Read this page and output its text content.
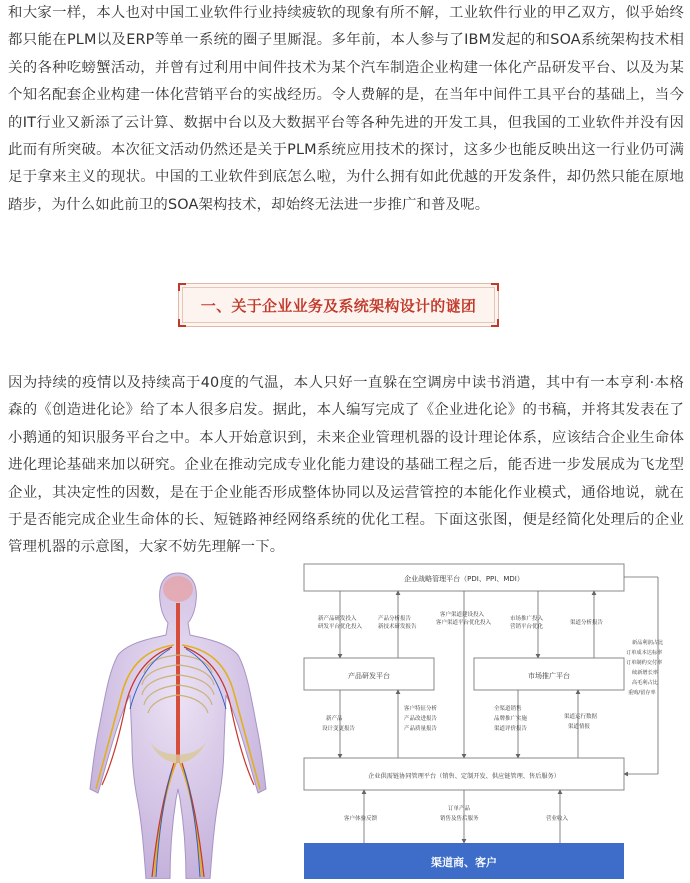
和大家一样，本人也对中国工业软件行业持续疲软的现象有所不解，工业软件行业的甲乙双方，似乎始终都只能在PLM以及ERP等单一系统的圈子里厮混。多年前，本人参与了IBM发起的和SOA系统架构技术相关的各种吃螃蟹活动，并曾有过利用中间件技术为某个汽车制造企业构建一体化产品研发平台、以及为某个知名配套企业构建一体化营销平台的实战经历。令人费解的是，在当年中间件工具平台的基础上，当今的IT行业又新添了云计算、数据中台以及大数据平台等各种先进的开发工具，但我国的工业软件并没有因此而有所突破。本次征文活动仍然还是关于PLM系统应用技术的探讨，这多少也能反映出这一行业仍可满足于拿来主义的现状。中国的工业软件到底怎么啦，为什么拥有如此优越的开发条件，却仍然只能在原地踏步，为什么如此前卫的SOA架构技术，却始终无法进一步推广和普及呢。

一、关于企业业务及系统架构设计的谜团

因为持续的疫情以及持续高于40度的气温，本人只好一直躲在空调房中读书消遣，其中有一本亨利·本格森的《创造进化论》给了本人很多启发。据此，本人编写完成了《企业进化论》的书稿，并将其发表在了小鹅通的知识服务平台之中。本人开始意识到，未来企业管理机器的设计理论体系，应该结合企业生命体进化理论基础来加以研究。企业在推动完成专业化能力建设的基础工程之后，能否进一步发展成为飞龙型企业，其决定性的因数，是在于企业能否形成整体协同以及运营管控的本能化作业模式，通俗地说，就在于是否能完成企业生命体的长、短链路神经网络系统的优化工程。下面这张图，便是经简化处理后的企业管理机器的示意图，大家不妨先理解一下。

企业战略管理平台（PDI、PPI、MDI）
新产品研发投入研发平台优化投入
产品分析报告新技术研发报告
客户渠道建设投入客户渠道平台优化投入
市场推广投入营销平台优化
渠道分析报告
产品研发平台	市场推广平台
新品利润占比 订单成本达标率 订单制约交付率 续新增长率 高毛利占比 重购/留存率
新产品设计变更报告
客户特征分析产品改进报告产品质量报告
全渠道销售品牌推广实施渠道评价报告
渠道运行数据渠道情报
企业供需链协同管理平台（销售、定制开发、供应链管理、售后服务）
客户体验反馈
订单产品销售及售后服务	营业收入
渠道商、客户
